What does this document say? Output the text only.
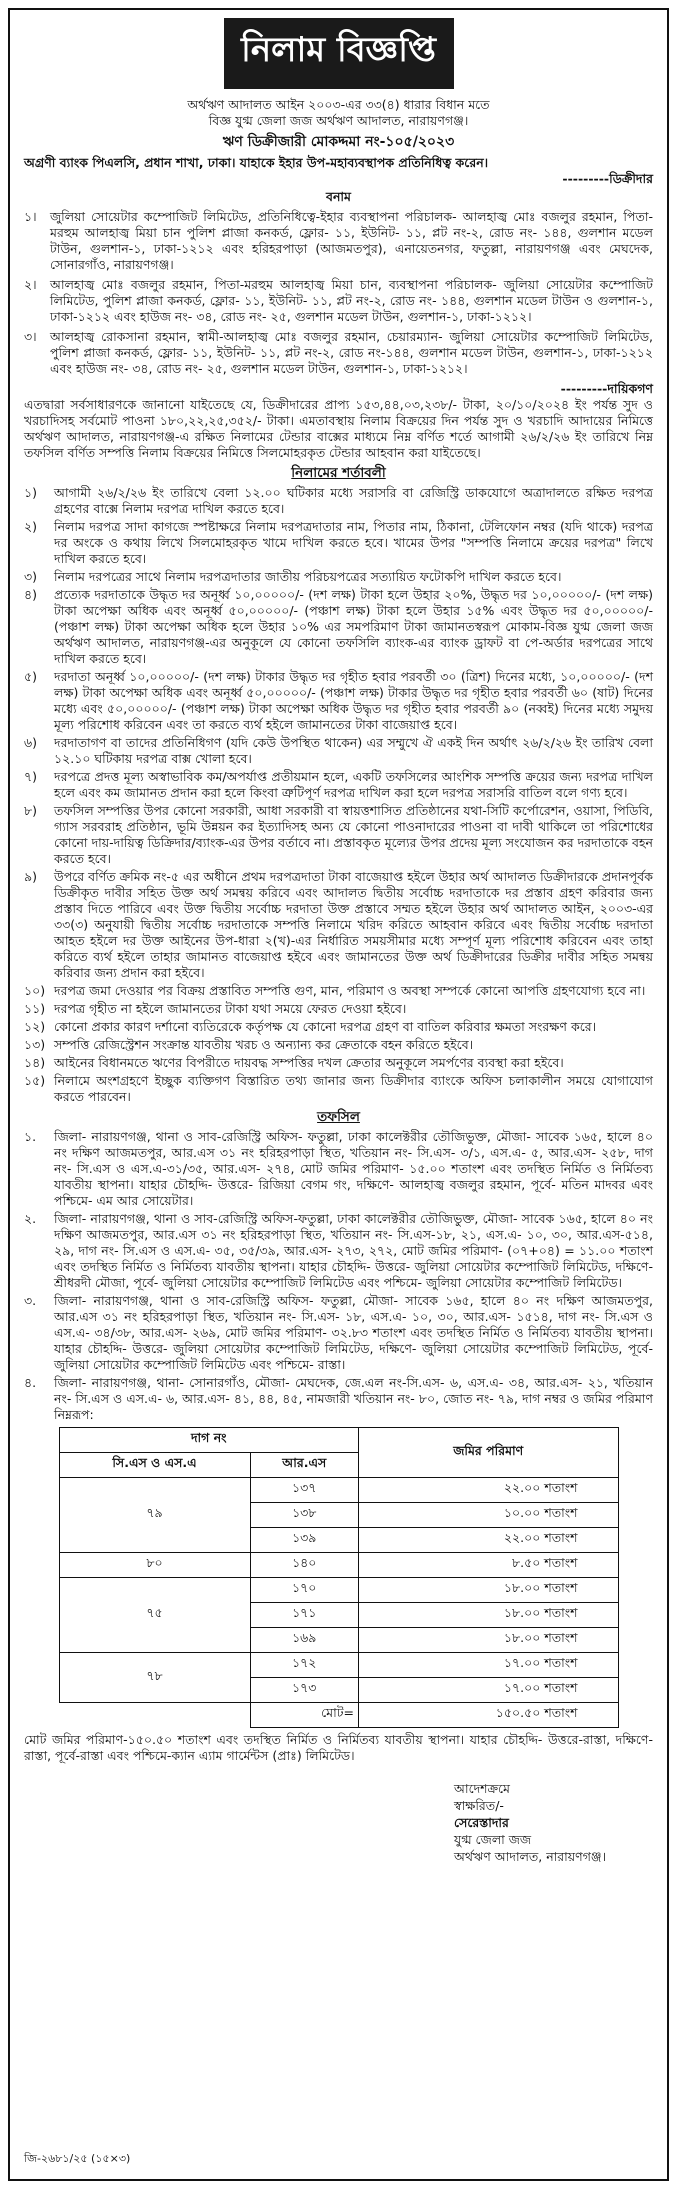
নিলাম বিজ্ঞপ্তি

অর্থঋণ আদালত আইন ২০০৩-এর ৩৩(৪) ধারার বিধান মতে

বিজ্ঞ যুগ্ম জেলা জজ অর্থঋণ আদালত, নারায়ণগঞ্জ।

ঋণ ডিক্রীজারী মোকদ্দমা নং-১০৫/২০২৩

অগ্রণী ব্যাংক পিএলসি, প্রধান শাখা, ঢাকা। যাহাকে ইহার উপ-মহাব্যবস্থাপক প্রতিনিধিত্ব করেন।

---------ডিক্রীদার

বনাম

১।	জুলিয়া সোয়েটার কম্পোজিট লিমিটেড, প্রতিনিধিত্বে-ইহার ব্যবস্থাপনা পরিচালক- আলহাজ্ব মোঃ বজলুর রহমান, পিতা-মরহুম আলহাজ্ব মিয়া চান পুলিশ প্লাজা কনকর্ড, ফ্লোর- ১১, ইউনিট- ১১, প্লট নং-২, রোড নং- ১৪৪, গুলশান মডেল টাউন, গুলশান-১, ঢাকা-১২১২ এবং হরিহরপাড়া (আজমতপুর), এনায়েতনগর, ফতুল্লা, নারায়ণগঞ্জ এবং মেঘদেক, সোনারগাঁও, নারায়ণগঞ্জ।
২।	আলহাজ্ব মোঃ বজলুর রহমান, পিতা-মরহুম আলহাজ্ব মিয়া চান, ব্যবস্থাপনা পরিচালক- জুলিয়া সোয়েটার কম্পোজিট লিমিটেড, পুলিশ প্লাজা কনকর্ড, ফ্লোর- ১১, ইউনিট- ১১, প্লট নং-২, রোড নং- ১৪৪, গুলশান মডেল টাউন ও গুলশান-১, ঢাকা-১২১২ এবং হাউজ নং- ৩৪, রোড নং- ২৫, গুলশান মডেল টাউন, গুলশান-১, ঢাকা-১২১২।
৩।	আলহাজ্ব রোকসানা রহমান, স্বামী-আলহাজ্ব মোঃ বজলুর রহমান, চেয়ারম্যান- জুলিয়া সোয়েটার কম্পোজিট লিমিটেড, পুলিশ প্লাজা কনকর্ড, ফ্লোর- ১১, ইউনিট- ১১, প্লট নং-২, রোড নং-১৪৪, গুলশান মডেল টাউন, গুলশান-১, ঢাকা-১২১২ এবং হাউজ নং- ৩৪, রোড নং- ২৫, গুলশান মডেল টাউন, গুলশান-১, ঢাকা-১২১২।

---------দায়িকগণ

এতদ্বারা সর্বসাধারণকে জানানো যাইতেছে যে, ডিক্রীদারের প্রাপ্য ১৫৩,৪৪,০৩,২৩৮/- টাকা, ২০/১০/২০২৪ ইং পর্যন্ত সুদ ও খরচাদিসহ সর্বমোট পাওনা ১৮০,২২,২৫,৩৫২/- টাকা। এমতাবস্থায় নিলাম বিক্রয়ের দিন পর্যন্ত সুদ ও খরচাদি আদায়ের নিমিত্তে অর্থঋণ আদালত, নারায়ণগঞ্জ-এ রক্ষিত নিলামের টেন্ডার বাক্সের মাধ্যমে নিম্ন বর্ণিত শর্তে আগামী ২৬/২/২৬ ইং তারিখে নিম্ন তফসিল বর্ণিত সম্পত্তি নিলাম বিক্রয়ের নিমিত্তে সিলমোহরকৃত টেন্ডার আহবান করা যাইতেছে।

নিলামের শর্তাবলী

১)	আগামী ২৬/২/২৬ ইং তারিখে বেলা ১২.০০ ঘটিকার মধ্যে সরাসরি বা রেজিস্ট্রি ডাকযোগে অত্রাদালতে রক্ষিত দরপত্র গ্রহণের বাক্সে নিলাম দরপত্র দাখিল করতে হবে।
২)	নিলাম দরপত্র সাদা কাগজে স্পষ্টাক্ষরে নিলাম দরপত্রদাতার নাম, পিতার নাম, ঠিকানা, টেলিফোন নম্বর (যদি থাকে) দরপত্র দর অংকে ও কথায় লিখে সিলমোহরকৃত খামে দাখিল করতে হবে। খামের উপর "সম্পত্তি নিলামে ক্রয়ের দরপত্র" লিখে দাখিল করতে হবে।
৩)	নিলাম দরপত্রের সাথে নিলাম দরপত্রদাতার জাতীয় পরিচয়পত্রের সত্যায়িত ফটোকপি দাখিল করতে হবে।
৪)	প্রত্যেক দরদাতাকে উদ্ধৃত দর অনূর্ধ্ব ১০,০০০০০/- (দশ লক্ষ) টাকা হলে উহার ২০%, উদ্ধৃত দর ১০,০০০০০/- (দশ লক্ষ) টাকা অপেক্ষা অধিক এবং অনূর্ধ্ব ৫০,০০০০০/- (পঞ্চাশ লক্ষ) টাকা হলে উহার ১৫% এবং উদ্ধৃত দর ৫০,০০০০০/- (পঞ্চাশ লক্ষ) টাকা অপেক্ষা অধিক হলে উহার ১০% এর সমপরিমাণ টাকা জামানতস্বরূপ মোকাম-বিজ্ঞ যুগ্ম জেলা জজ অর্থঋণ আদালত, নারায়ণগঞ্জ-এর অনুকূলে যে কোনো তফসিলি ব্যাংক-এর ব্যাংক ড্রাফট বা পে-অর্ডার দরপত্রের সাথে দাখিল করতে হবে।
৫)	দরদাতা অনূর্ধ্ব ১০,০০০০০/- (দশ লক্ষ) টাকার উদ্ধৃত দর গৃহীত হবার পরবর্তী ৩০ (ত্রিশ) দিনের মধ্যে, ১০,০০০০০/- (দশ লক্ষ) টাকা অপেক্ষা অধিক এবং অনূর্ধ্ব ৫০,০০০০০/- (পঞ্চাশ লক্ষ) টাকার উদ্ধৃত দর গৃহীত হবার পরবর্তী ৬০ (ষাট) দিনের মধ্যে এবং ৫০,০০০০০/- (পঞ্চাশ লক্ষ) টাকা অপেক্ষা অধিক উদ্ধৃত দর গৃহীত হবার পরবর্তী ৯০ (নব্বই) দিনের মধ্যে সমুদয় মূল্য পরিশোধ করিবেন এবং তা করতে ব্যর্থ হইলে জামানতের টাকা বাজেয়াপ্ত হবে।
৬)	দরদাতাগণ বা তাদের প্রতিনিধিগণ (যদি কেউ উপস্থিত থাকেন) এর সম্মুখে ঐ একই দিন অর্থাৎ ২৬/২/২৬ ইং তারিখ বেলা ১২.১০ ঘটিকায় দরপত্র বাক্স খোলা হবে।
৭)	দরপত্রে প্রদত্ত মূল্য অস্বাভাবিক কম/অপর্যাপ্ত প্রতীয়মান হলে, একটি তফসিলের আংশিক সম্পত্তি ক্রয়ের জন্য দরপত্র দাখিল হলে এবং কম জামানত প্রদান করা হলে কিংবা ত্রুটিপূর্ণ দরপত্র দাখিল করা হলে দরপত্র সরাসরি বাতিল বলে গণ্য হবে।
৮)	তফসিল সম্পত্তির উপর কোনো সরকারী, আধা সরকারী বা স্বায়ত্তশাসিত প্রতিষ্ঠানের যথা-সিটি কর্পোরেশন, ওয়াসা, পিডিবি, গ্যাস সরবরাহ প্রতিষ্ঠান, ভূমি উন্নয়ন কর ইত্যাদিসহ অন্য যে কোনো পাওনাদারের পাওনা বা দাবী থাকিলে তা পরিশোধের কোনো দায়-দায়িত্ব ডিক্রিদার/ব্যাংক-এর উপর বর্তাবে না। প্রস্তাবকৃত মূল্যের উপর প্রদেয় মূল্য সংযোজন কর দরদাতাকে বহন করতে হবে।
৯)	উপরে বর্ণিত ক্রমিক নং-৫ এর অধীনে প্রথম দরপত্রদাতা টাকা বাজেয়াপ্ত হইলে উহার অর্থ আদালত ডিক্রীদারকে প্রদানপূর্বক ডিক্রীকৃত দাবীর সহিত উক্ত অর্থ সমন্বয় করিবে এবং আদালত দ্বিতীয় সর্বোচ্চ দরদাতাকে দর প্রস্তাব গ্রহণ করিবার জন্য প্রস্তাব দিতে পারিবে এবং উক্ত দ্বিতীয় সর্বোচ্চ দরদাতা উক্ত প্রস্তাবে সম্মত হইলে উহার অর্থ আদালত আইন, ২০০৩-এর ৩৩(৩) অনুযায়ী দ্বিতীয় সর্বোচ্চ দরদাতাকে সম্পত্তি নিলামে খরিদ করিতে আহবান করিবে এবং দ্বিতীয় সর্বোচ্চ দরদাতা আহত হইলে দর উক্ত আইনের উপ-ধারা ২(খ)-এর নির্ধারিত সময়সীমার মধ্যে সম্পূর্ণ মূল্য পরিশোধ করিবেন এবং তাহা করিতে ব্যর্থ হইলে তাহার জামানত বাজেয়াপ্ত হইবে এবং জামানতের উক্ত অর্থ ডিক্রীদারের ডিক্রীর দাবীর সহিত সমন্বয় করিবার জন্য প্রদান করা হইবে।
১০) দরপত্র জমা দেওয়ার পর বিক্রয় প্রস্তাবিত সম্পত্তি গুণ, মান, পরিমাণ ও অবস্থা সম্পর্কে কোনো আপত্তি গ্রহণযোগ্য হবে না।
১১) দরপত্র গৃহীত না হইলে জামানতের টাকা যথা সময়ে ফেরত দেওয়া হইবে।
১২) কোনো প্রকার কারণ দর্শানো ব্যতিরেকে কর্তৃপক্ষ যে কোনো দরপত্র গ্রহণ বা বাতিল করিবার ক্ষমতা সংরক্ষণ করে।
১৩) সম্পত্তি রেজিস্ট্রেশন সংক্রান্ত যাবতীয় খরচ ও অন্যান্য কর ক্রেতাকে বহন করিতে হইবে।
১৪) আইনের বিধানমতে ঋণের বিপরীতে দায়বদ্ধ সম্পত্তির দখল ক্রেতার অনুকূলে সমর্পণের ব্যবস্থা করা হইবে।
১৫) নিলামে অংশগ্রহণে ইচ্ছুক ব্যক্তিগণ বিস্তারিত তথ্য জানার জন্য ডিক্রীদার ব্যাংকে অফিস চলাকালীন সময়ে যোগাযোগ করতে পারবেন।

তফসিল

১.	জিলা- নারায়ণগঞ্জ, থানা ও সাব-রেজিস্ট্রি অফিস- ফতুল্লা, ঢাকা কালেক্টরীর তৌজিভুক্ত, মৌজা- সাবেক ১৬৫, হালে ৪০ নং দক্ষিণ আজমতপুর, আর.এস ৩১ নং হরিহরপাড়া স্থিত, খতিয়ান নং- সি.এস- ৩/১, এস.এ- ৫, আর.এস- ২৫৮, দাগ নং- সি.এস ও এস.এ-৩১/৩৫, আর.এস- ২৭৪, মোট জমির পরিমাণ- ১৫.০০ শতাংশ এবং তদস্থিত নির্মিত ও নির্মিতব্য যাবতীয় স্থাপনা। যাহার চৌহদ্দি- উত্তরে- রিজিয়া বেগম গং, দক্ষিণে- আলহাজ্ব বজলুর রহমান, পূর্বে- মতিন মাদবর এবং পশ্চিমে- এম আর সোয়েটার।
২.	জিলা- নারায়ণগঞ্জ, থানা ও সাব-রেজিস্ট্রি অফিস-ফতুল্লা, ঢাকা কালেক্টরীর তৌজিভুক্ত, মৌজা- সাবেক ১৬৫, হালে ৪০ নং দক্ষিণ আজমতপুর, আর.এস ৩১ নং হরিহরপাড়া স্থিত, খতিয়ান নং- সি.এস-১৮, ২১, এস.এ- ১০, ৩০, আর.এস-৫১৪, ২৯, দাগ নং- সি.এস ও এস.এ- ৩৫, ৩৫/৩৯, আর.এস- ২৭৩, ২৭২, মোট জমির পরিমাণ- (০৭+০৪) = ১১.০০ শতাংশ এবং তদস্থিত নির্মিত ও নির্মিতব্য যাবতীয় স্থাপনা। যাহার চৌহদ্দি- উত্তরে- জুলিয়া সোয়েটার কম্পোজিট লিমিটেড, দক্ষিণে- শ্রীধরদী মৌজা, পূর্বে- জুলিয়া সোয়েটার কম্পোজিট লিমিটেড এবং পশ্চিমে- জুলিয়া সোয়েটার কম্পোজিট লিমিটেড।
৩.	জিলা- নারায়ণগঞ্জ, থানা ও সাব-রেজিস্ট্রি অফিস- ফতুল্লা, মৌজা- সাবেক ১৬৫, হালে ৪০ নং দক্ষিণ আজমতপুর, আর.এস ৩১ নং হরিহরপাড়া স্থিত, খতিয়ান নং- সি.এস- ১৮, এস.এ- ১০, ৩০, আর.এস- ১৫১৪, দাগ নং- সি.এস ও এস.এ- ৩৪/৩৮, আর.এস- ২৬৯, মোট জমির পরিমাণ- ৩২.৮৩ শতাংশ এবং তদস্থিত নির্মিত ও নির্মিতব্য যাবতীয় স্থাপনা। যাহার চৌহদ্দি- উত্তরে- জুলিয়া সোয়েটার কম্পোজিট লিমিটেড, দক্ষিণে- জুলিয়া সোয়েটার কম্পোজিট লিমিটেড, পূর্বে- জুলিয়া সোয়েটার কম্পোজিট লিমিটেড এবং পশ্চিমে- রাস্তা।
৪.	জিলা- নারায়ণগঞ্জ, থানা- সোনারগাঁও, মৌজা- মেঘদেক, জে.এল নং-সি.এস- ৬, এস.এ- ৩৪, আর.এস- ২১, খতিয়ান নং- সি.এস ও এস.এ- ৬, আর.এস- ৪১, ৪৪, ৪৫, নামজারী খতিয়ান নং- ৮০, জোত নং- ৭৯, দাগ নম্বর ও জমির পরিমাণ নিম্নরূপ:
দাগ নং		জমির পরিমাণ
সি.এস ও এস.এ	আর.এস	
৭৯	১৩৭	২২.০০ শতাংশ
	১৩৮	১০.০০ শতাংশ
	১৩৯	২২.০০ শতাংশ
৮০	১৪০	৮.৫০ শতাংশ
৭৫	১৭০	১৮.০০ শতাংশ
	১৭১	১৮.০০ শতাংশ
	১৬৯	১৮.০০ শতাংশ
৭৮	১৭২	১৭.০০ শতাংশ
	১৭৩	১৭.০০ শতাংশ
	মোট=	১৫০.৫০ শতাংশ

মোট জমির পরিমাণ-১৫০.৫০ শতাংশ এবং তদস্থিত নির্মিত ও নির্মিতব্য যাবতীয় স্থাপনা। যাহার চৌহদ্দি- উত্তরে-রাস্তা, দক্ষিণে-রাস্তা, পূর্বে-রাস্তা এবং পশ্চিমে-ক্যান এ্যাম গার্মেন্টস (প্রাঃ) লিমিটেড।

আদেশক্রমে

স্বাক্ষরিত/-

সেরেস্তাদার

যুগ্ম জেলা জজ

অর্থঋণ আদালত, নারায়ণগঞ্জ।

জি-২৬৮১/২৫ (১৫×৩)
